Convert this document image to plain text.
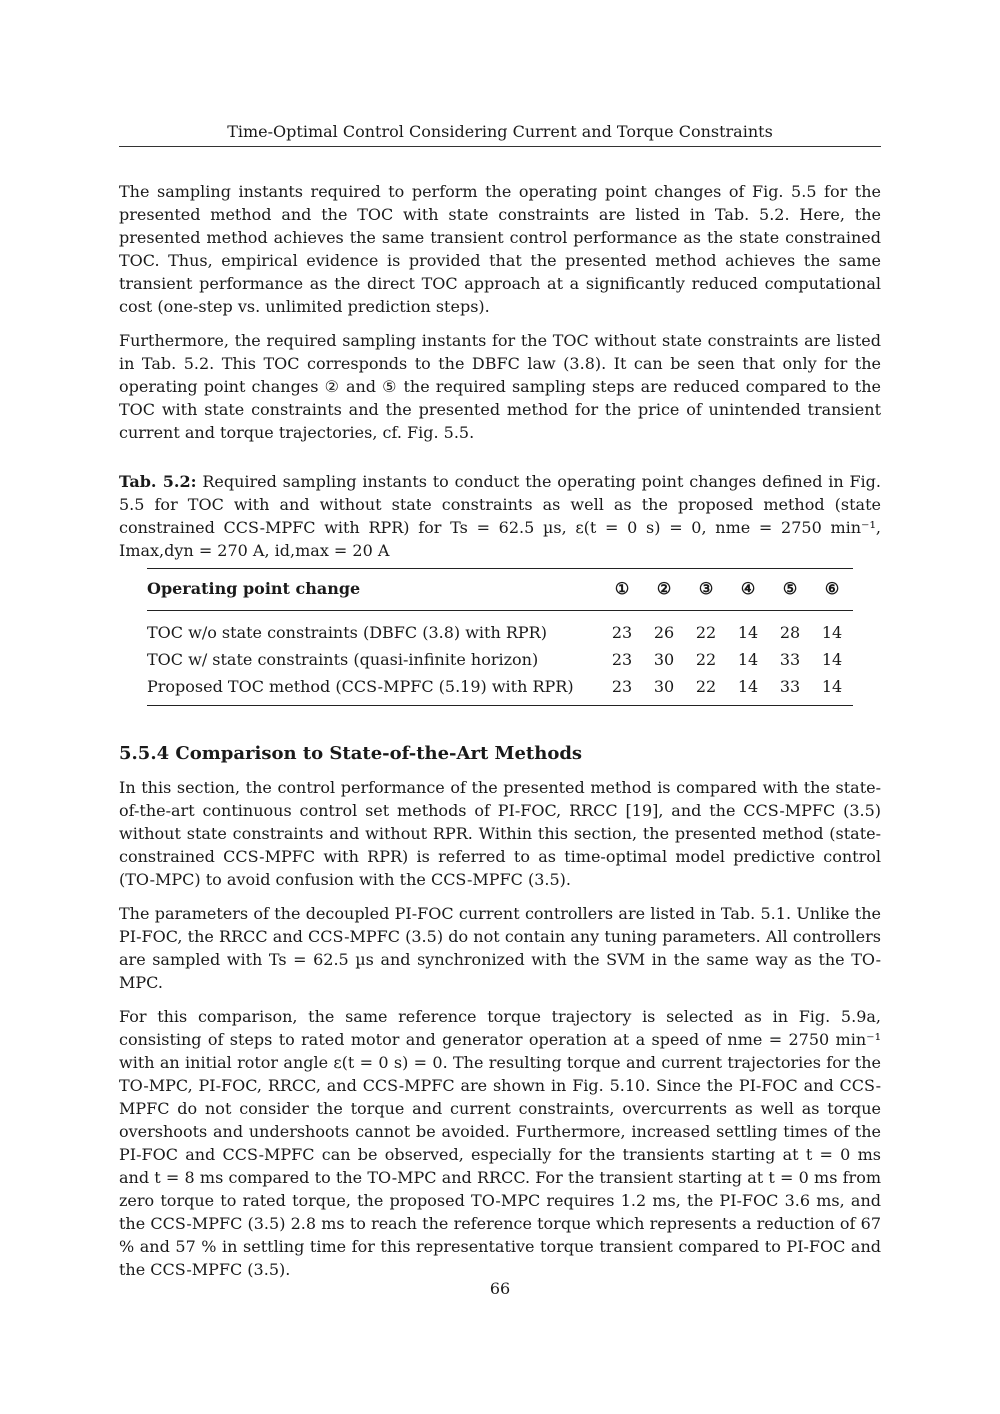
Time-Optimal Control Considering Current and Torque Constraints

The sampling instants required to perform the operating point changes of Fig. 5.5 for the presented method and the TOC with state constraints are listed in Tab. 5.2. Here, the presented method achieves the same transient control performance as the state constrained TOC. Thus, empirical evidence is provided that the presented method achieves the same transient performance as the direct TOC approach at a significantly reduced computational cost (one-step vs. unlimited prediction steps).

Furthermore, the required sampling instants for the TOC without state constraints are listed in Tab. 5.2. This TOC corresponds to the DBFC law (3.8). It can be seen that only for the operating point changes ② and ⑤ the required sampling steps are reduced compared to the TOC with state constraints and the presented method for the price of unintended transient current and torque trajectories, cf. Fig. 5.5.

Tab. 5.2: Required sampling instants to conduct the operating point changes defined in Fig. 5.5 for TOC with and without state constraints as well as the proposed method (state constrained CCS-MPFC with RPR) for Ts = 62.5 µs, ε(t = 0 s) = 0, nme = 2750 min⁻¹, Imax,dyn = 270 A, id,max = 20 A
Operating point change	①	②	③	④	⑤	⑥
TOC w/o state constraints (DBFC (3.8) with RPR)	23	26	22	14	28	14
TOC w/ state constraints (quasi-infinite horizon)	23	30	22	14	33	14
Proposed TOC method (CCS-MPFC (5.19) with RPR)	23	30	22	14	33	14
5.5.4 Comparison to State-of-the-Art Methods

In this section, the control performance of the presented method is compared with the state-of-the-art continuous control set methods of PI-FOC, RRCC [19], and the CCS-MPFC (3.5) without state constraints and without RPR. Within this section, the presented method (state-constrained CCS-MPFC with RPR) is referred to as time-optimal model predictive control (TO-MPC) to avoid confusion with the CCS-MPFC (3.5).

The parameters of the decoupled PI-FOC current controllers are listed in Tab. 5.1. Unlike the PI-FOC, the RRCC and CCS-MPFC (3.5) do not contain any tuning parameters. All controllers are sampled with Ts = 62.5 µs and synchronized with the SVM in the same way as the TO-MPC.

For this comparison, the same reference torque trajectory is selected as in Fig. 5.9a, consisting of steps to rated motor and generator operation at a speed of nme = 2750 min⁻¹ with an initial rotor angle ε(t = 0 s) = 0. The resulting torque and current trajectories for the TO-MPC, PI-FOC, RRCC, and CCS-MPFC are shown in Fig. 5.10. Since the PI-FOC and CCS-MPFC do not consider the torque and current constraints, overcurrents as well as torque overshoots and undershoots cannot be avoided. Furthermore, increased settling times of the PI-FOC and CCS-MPFC can be observed, especially for the transients starting at t = 0 ms and t = 8 ms compared to the TO-MPC and RRCC. For the transient starting at t = 0 ms from zero torque to rated torque, the proposed TO-MPC requires 1.2 ms, the PI-FOC 3.6 ms, and the CCS-MPFC (3.5) 2.8 ms to reach the reference torque which represents a reduction of 67 % and 57 % in settling time for this representative torque transient compared to PI-FOC and the CCS-MPFC (3.5).

66
